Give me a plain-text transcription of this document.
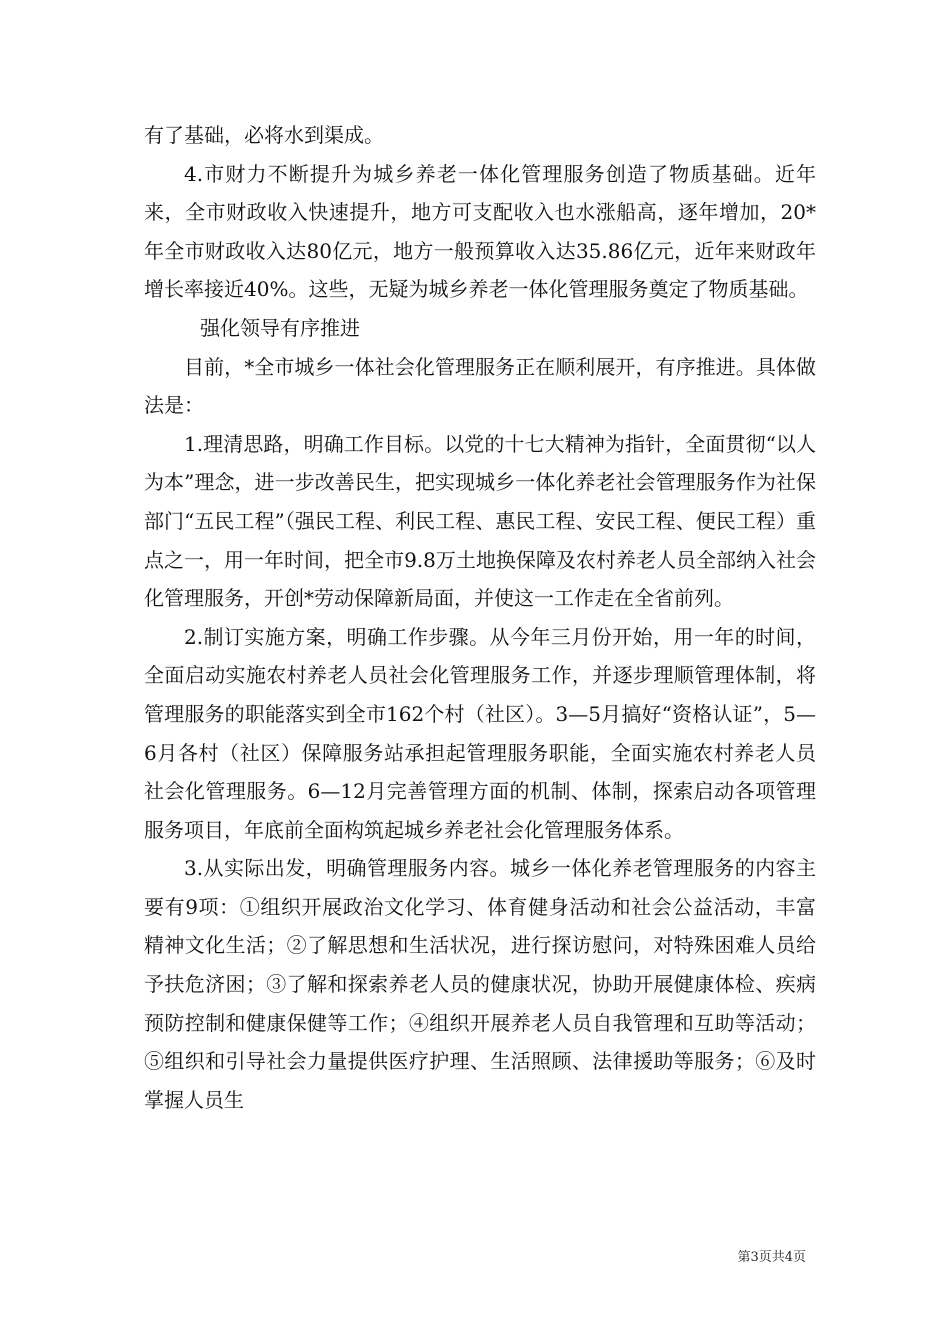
有了基础，必将水到渠成。

4.市财力不断提升为城乡养老一体化管理服务创造了物质基础。近年来，全市财政收入快速提升，地方可支配收入也水涨船高，逐年增加，20*年全市财政收入达80亿元，地方一般预算收入达35.86亿元，近年来财政年增长率接近40%。这些，无疑为城乡养老一体化管理服务奠定了物质基础。

强化领导有序推进

目前，*全市城乡一体社会化管理服务正在顺利展开，有序推进。具体做法是：

1.理清思路，明确工作目标。以党的十七大精神为指针，全面贯彻“以人为本”理念，进一步改善民生，把实现城乡一体化养老社会管理服务作为社保部门“五民工程”（强民工程、利民工程、惠民工程、安民工程、便民工程）重点之一，用一年时间，把全市9.8万土地换保障及农村养老人员全部纳入社会化管理服务，开创*劳动保障新局面，并使这一工作走在全省前列。

2.制订实施方案，明确工作步骤。从今年三月份开始，用一年的时间，全面启动实施农村养老人员社会化管理服务工作，并逐步理顺管理体制，将管理服务的职能落实到全市162个村（社区）。3—5月搞好“资格认证”，5—6月各村（社区）保障服务站承担起管理服务职能，全面实施农村养老人员社会化管理服务。6—12月完善管理方面的机制、体制，探索启动各项管理服务项目，年底前全面构筑起城乡养老社会化管理服务体系。

3.从实际出发，明确管理服务内容。城乡一体化养老管理服务的内容主要有9项：①组织开展政治文化学习、体育健身活动和社会公益活动，丰富精神文化生活；②了解思想和生活状况，进行探访慰问，对特殊困难人员给予扶危济困；③了解和探索养老人员的健康状况，协助开展健康体检、疾病预防控制和健康保健等工作；④组织开展养老人员自我管理和互助等活动；⑤组织和引导社会力量提供医疗护理、生活照顾、法律援助等服务；⑥及时掌握人员生

第3页共4页
